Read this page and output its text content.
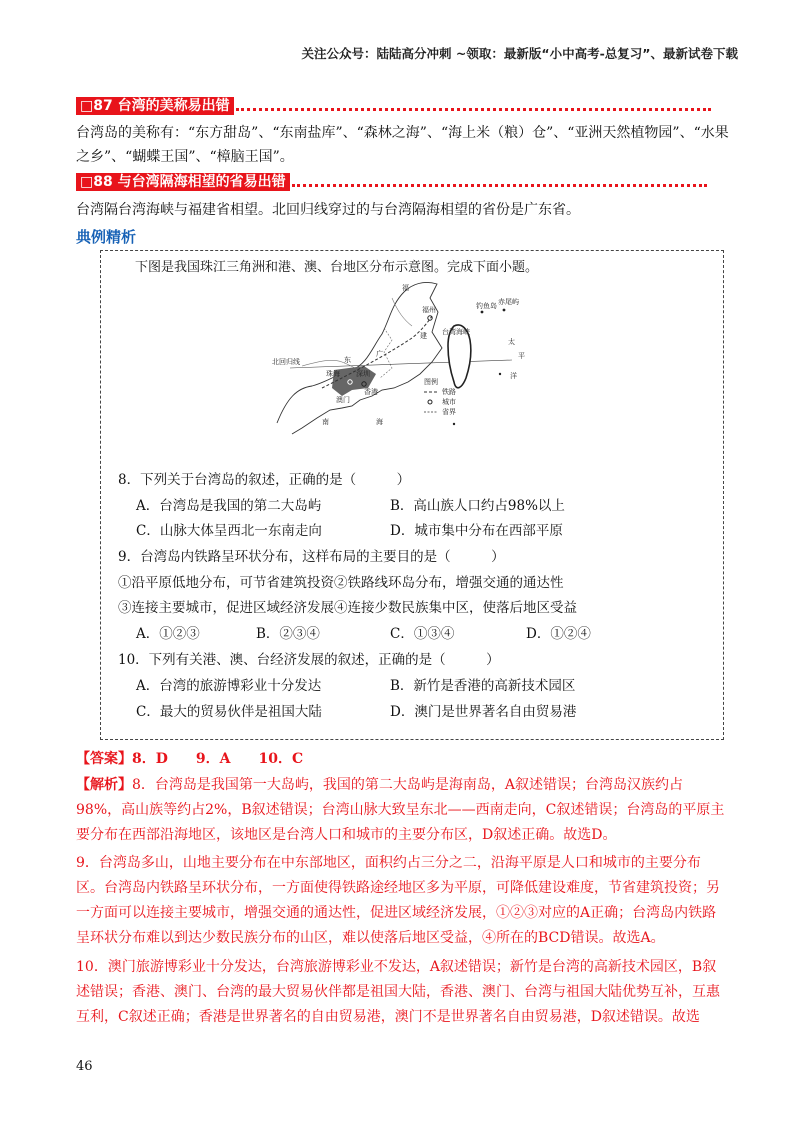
关注公众号：陆陆高分冲刺 ~领取：最新版“小中高考-总复习”、最新试卷下载
□87 台湾的美称易出错
台湾岛的美称有：“东方甜岛”、“东南盐库”、“森林之海”、“海上米（粮）仓”、“亚洲天然植物园”、“水果之乡”、“蝴蝶王国”、“樟脑王国”。
□88 与台湾隔海相望的省易出错
台湾隔台湾海峡与福建省相望。北回归线穿过的与台湾隔海相望的省份是广东省。
典例精析
下图是我国珠江三角洲和港、澳、台地区分布示意图。完成下面小题。
福
建
广
东
北回归线
珠海 深圳
澳门
香港
南	海
福州	钓鱼岛 赤尾屿
台湾海峡
太
平
洋
图例
铁路
城市
省界
8．下列关于台湾岛的叙述，正确的是（　　　）
A．台湾岛是我国的第二大岛屿	B．高山族人口约占98%以上
C．山脉大体呈西北一东南走向	D．城市集中分布在西部平原
9．台湾岛内铁路呈环状分布，这样布局的主要目的是（　　　）
①沿平原低地分布，可节省建筑投资②铁路线环岛分布，增强交通的通达性
③连接主要城市，促进区域经济发展④连接少数民族集中区，使落后地区受益
A．①②③	B．②③④	C．①③④	D．①②④
10．下列有关港、澳、台经济发展的叙述，正确的是（　　　）
A．台湾的旅游博彩业十分发达	B．新竹是香港的高新技术园区
C．最大的贸易伙伴是祖国大陆	D．澳门是世界著名自由贸易港
【答案】8．D　　9．A　　10．C
【解析】8．台湾岛是我国第一大岛屿，我国的第二大岛屿是海南岛，A叙述错误；台湾岛汉族约占98%，高山族等约占2%，B叙述错误；台湾山脉大致呈东北——西南走向，C叙述错误；台湾岛的平原主要分布在西部沿海地区，该地区是台湾人口和城市的主要分布区，D叙述正确。故选D。
9．台湾岛多山，山地主要分布在中东部地区，面积约占三分之二，沿海平原是人口和城市的主要分布区。台湾岛内铁路呈环状分布，一方面使得铁路途经地区多为平原，可降低建设难度，节省建筑投资；另一方面可以连接主要城市，增强交通的通达性，促进区域经济发展，①②③对应的A正确；台湾岛内铁路呈环状分布难以到达少数民族分布的山区，难以使落后地区受益，④所在的BCD错误。故选A。
10．澳门旅游博彩业十分发达，台湾旅游博彩业不发达，A叙述错误；新竹是台湾的高新技术园区，B叙述错误；香港、澳门、台湾的最大贸易伙伴都是祖国大陆，香港、澳门、台湾与祖国大陆优势互补，互惠互利，C叙述正确；香港是世界著名的自由贸易港，澳门不是世界著名自由贸易港，D叙述错误。故选
46
